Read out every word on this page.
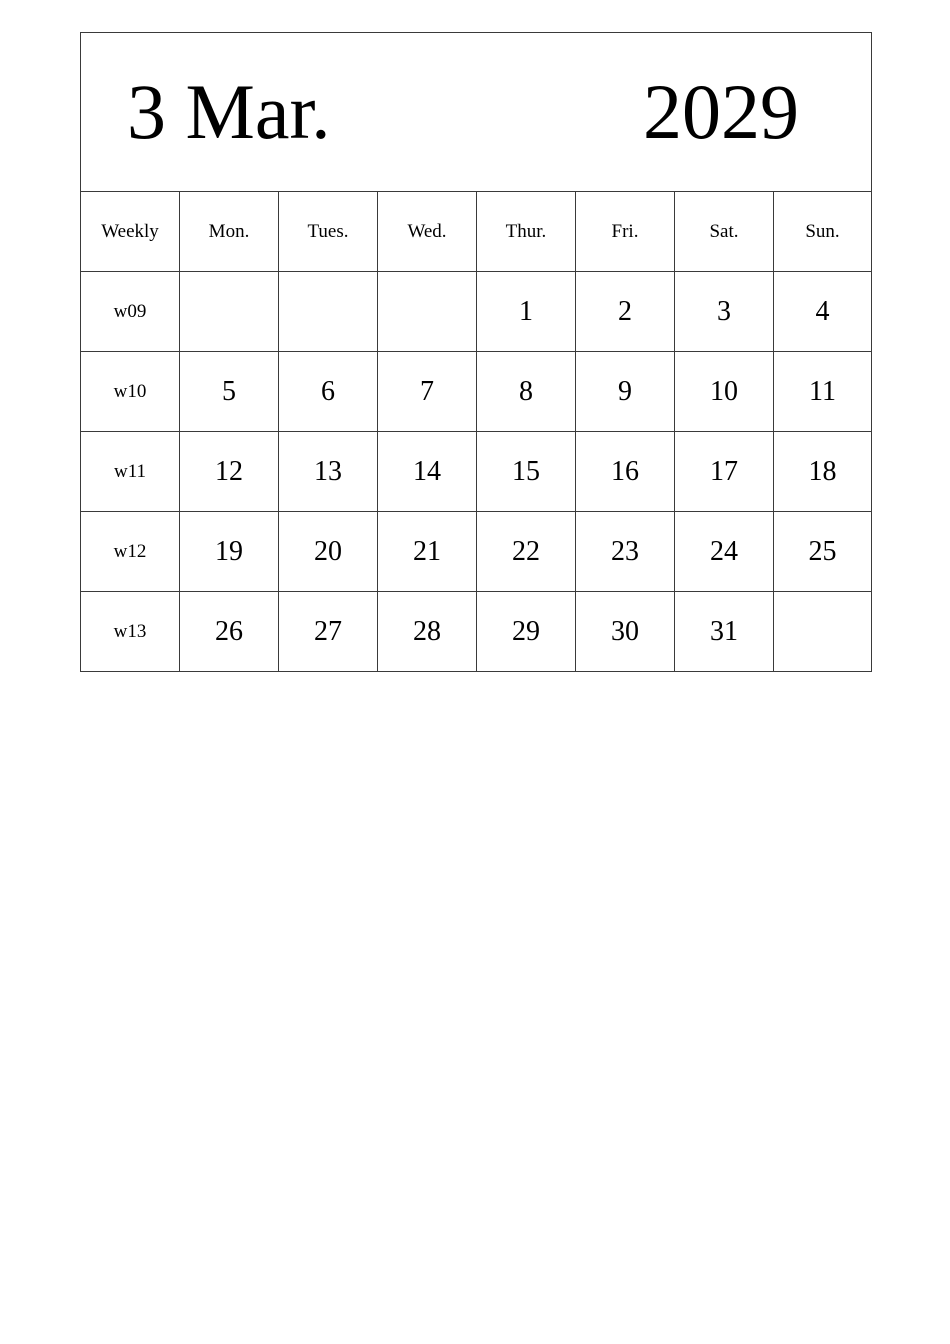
3 Mar. 2029							

Weekly	Mon.	Tues.	Wed.	Thur.	Fri.	Sat.	Sun.
w09				1	2	3	4
w10	5	6	7	8	9	10	11
w11	12	13	14	15	16	17	18
w12	19	20	21	22	23	24	25
w13	26	27	28	29	30	31	
